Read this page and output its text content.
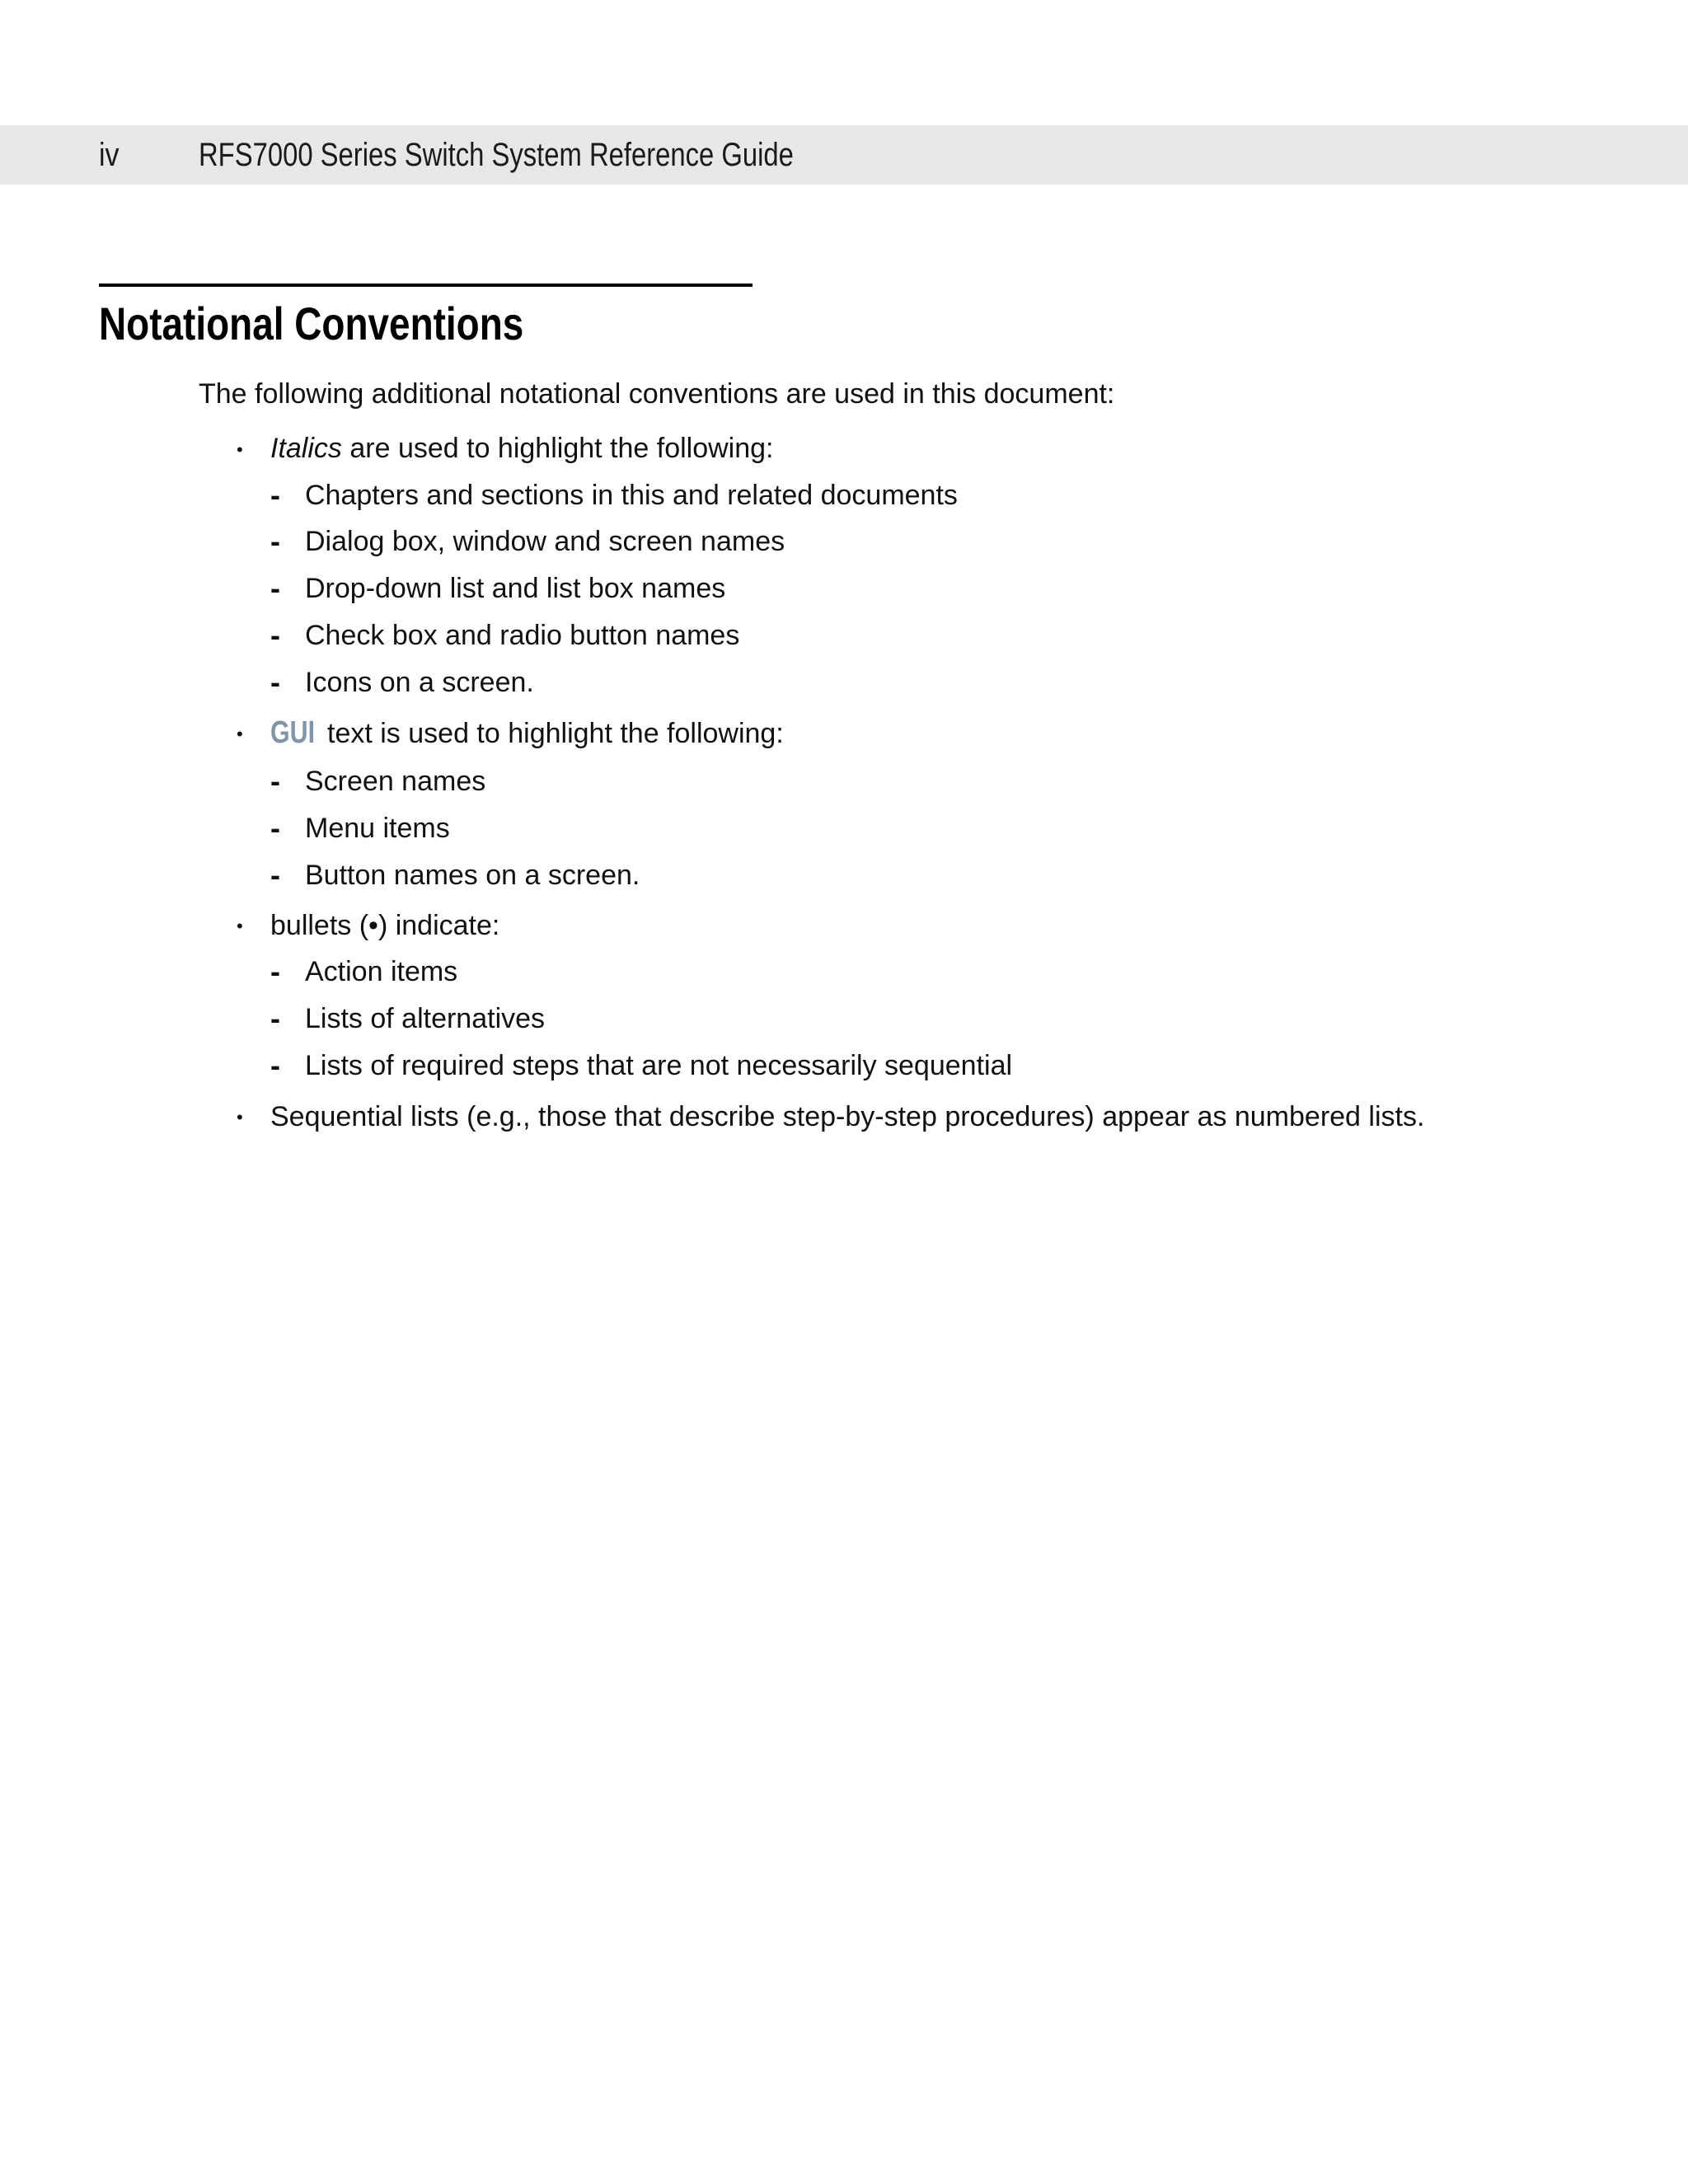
iv RFS7000 Series Switch System Reference Guide
Notational Conventions
The following additional notational conventions are used in this document:
• Italics are used to highlight the following:
- Chapters and sections in this and related documents
- Dialog box, window and screen names
- Drop-down list and list box names
- Check box and radio button names
- Icons on a screen.
• GUI text is used to highlight the following:
- Screen names
- Menu items
- Button names on a screen.
• bullets (•) indicate:
- Action items
- Lists of alternatives
- Lists of required steps that are not necessarily sequential
• Sequential lists (e.g., those that describe step-by-step procedures) appear as numbered lists.
